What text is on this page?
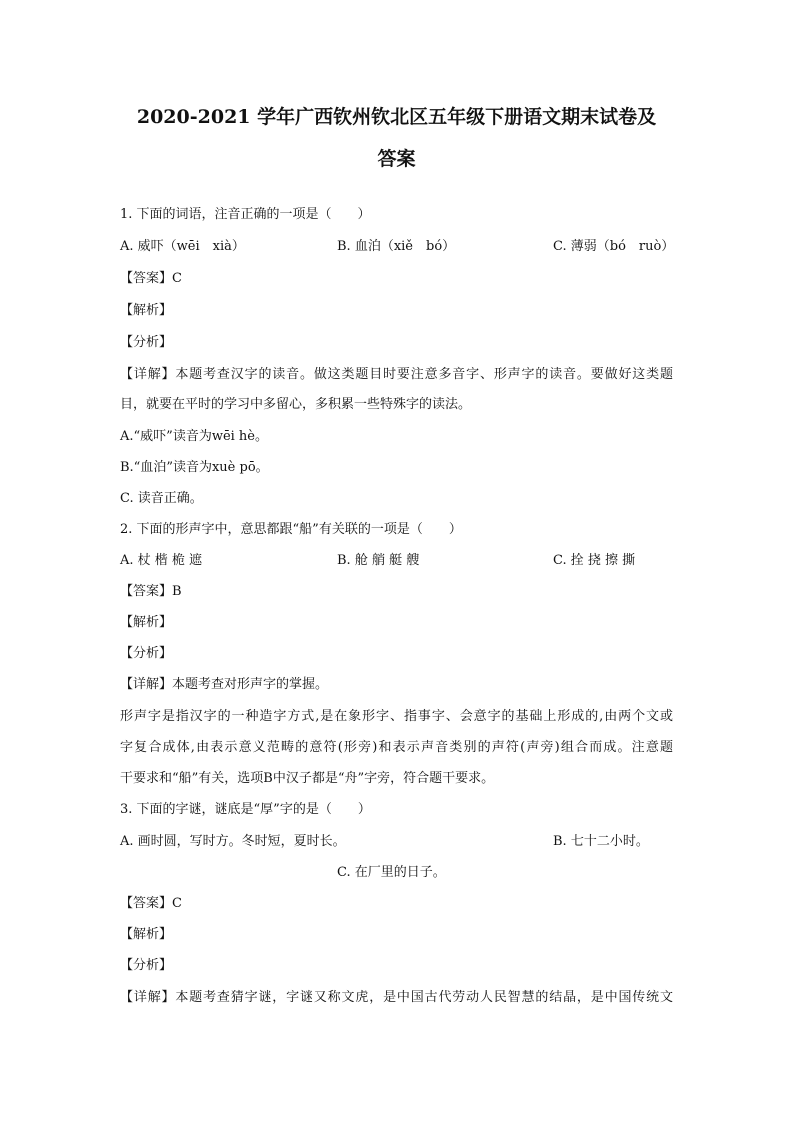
2020-2021 学年广西钦州钦北区五年级下册语文期末试卷及
答案
1. 下面的词语，注音正确的一项是（　　）
A. 威吓（wēi　xià）	B. 血泊（xiě　bó）	C. 薄弱（bó　ruò）
【答案】C
【解析】
【分析】
【详解】本题考查汉字的读音。做这类题目时要注意多音字、形声字的读音。要做好这类题
目，就要在平时的学习中多留心，多积累一些特殊字的读法。
A.“威吓”读音为wēi hè。
B.“血泊”读音为xuè pō。
C. 读音正确。
2. 下面的形声字中，意思都跟“船”有关联的一项是（　　）
A. 杖 楷 桅 遮	B. 舱 艄 艇 艘	C. 拴 挠 擦 撕
【答案】B
【解析】
【分析】
【详解】本题考查对形声字的掌握。
形声字是指汉字的一种造字方式,是在象形字、指事字、会意字的基础上形成的,由两个文或
字复合成体,由表示意义范畴的意符(形旁)和表示声音类别的声符(声旁)组合而成。注意题
干要求和“船”有关，选项B中汉子都是“舟”字旁，符合题干要求。
3. 下面的字谜，谜底是“厚”字的是（　　）
A. 画时圆，写时方。冬时短，夏时长。	B. 七十二小时。
C. 在厂里的日子。
【答案】C
【解析】
【分析】
【详解】本题考查猜字谜，字谜又称文虎，是中国古代劳动人民智慧的结晶，是中国传统文
